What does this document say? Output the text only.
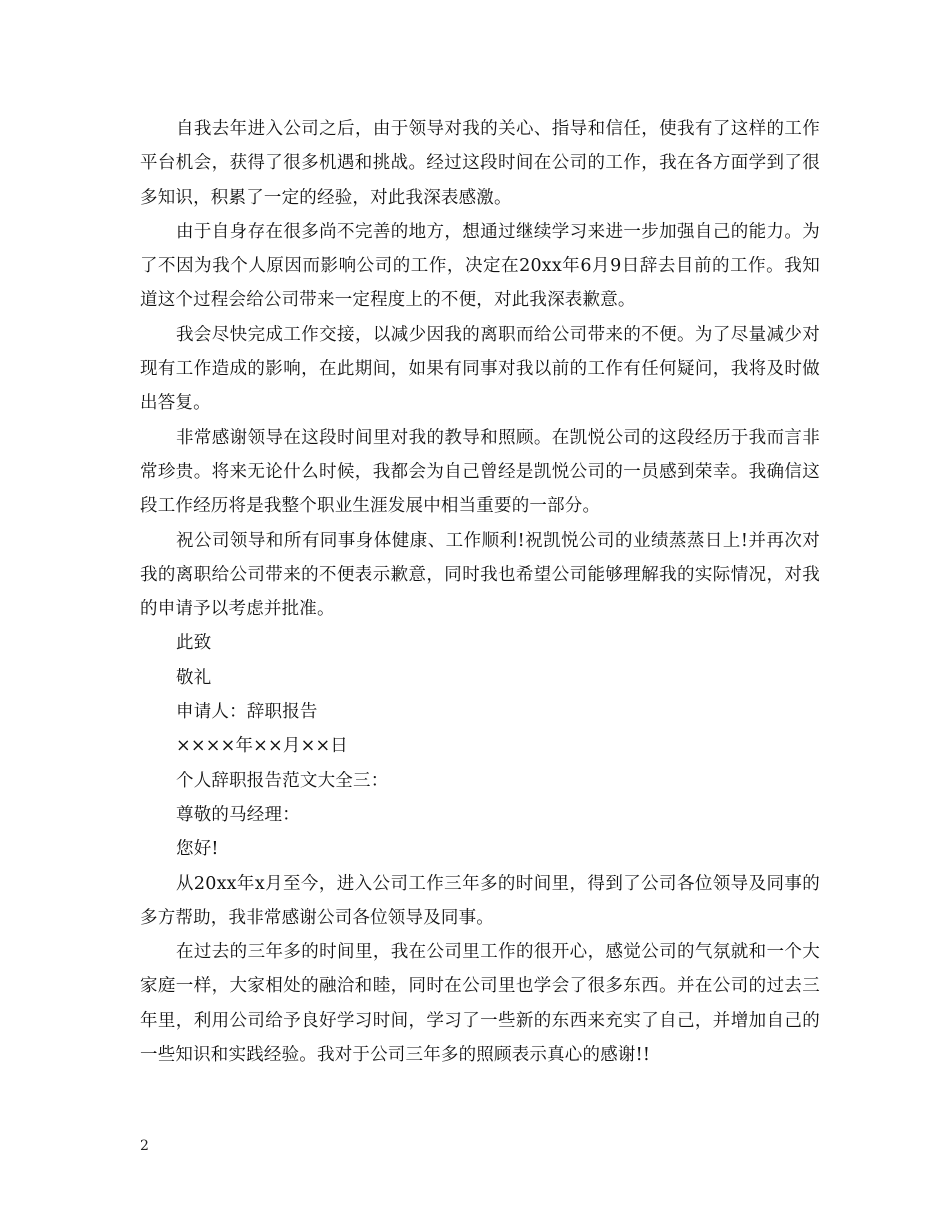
自我去年进入公司之后，由于领导对我的关心、指导和信任，使我有了这样的工作平台机会，获得了很多机遇和挑战。经过这段时间在公司的工作，我在各方面学到了很多知识，积累了一定的经验，对此我深表感激。

由于自身存在很多尚不完善的地方，想通过继续学习来进一步加强自己的能力。为了不因为我个人原因而影响公司的工作，决定在20xx年6月9日辞去目前的工作。我知道这个过程会给公司带来一定程度上的不便，对此我深表歉意。

我会尽快完成工作交接，以减少因我的离职而给公司带来的不便。为了尽量减少对现有工作造成的影响，在此期间，如果有同事对我以前的工作有任何疑问，我将及时做出答复。

非常感谢领导在这段时间里对我的教导和照顾。在凯悦公司的这段经历于我而言非常珍贵。将来无论什么时候，我都会为自己曾经是凯悦公司的一员感到荣幸。我确信这段工作经历将是我整个职业生涯发展中相当重要的一部分。

祝公司领导和所有同事身体健康、工作顺利!祝凯悦公司的业绩蒸蒸日上!并再次对我的离职给公司带来的不便表示歉意，同时我也希望公司能够理解我的实际情况，对我的申请予以考虑并批准。

此致

敬礼

申请人：辞职报告

××××年××月××日

个人辞职报告范文大全三：

尊敬的马经理：

您好!

从20xx年x月至今，进入公司工作三年多的时间里，得到了公司各位领导及同事的多方帮助，我非常感谢公司各位领导及同事。

在过去的三年多的时间里，我在公司里工作的很开心，感觉公司的气氛就和一个大家庭一样，大家相处的融洽和睦，同时在公司里也学会了很多东西。并在公司的过去三年里，利用公司给予良好学习时间，学习了一些新的东西来充实了自己，并增加自己的一些知识和实践经验。我对于公司三年多的照顾表示真心的感谢!!

2
